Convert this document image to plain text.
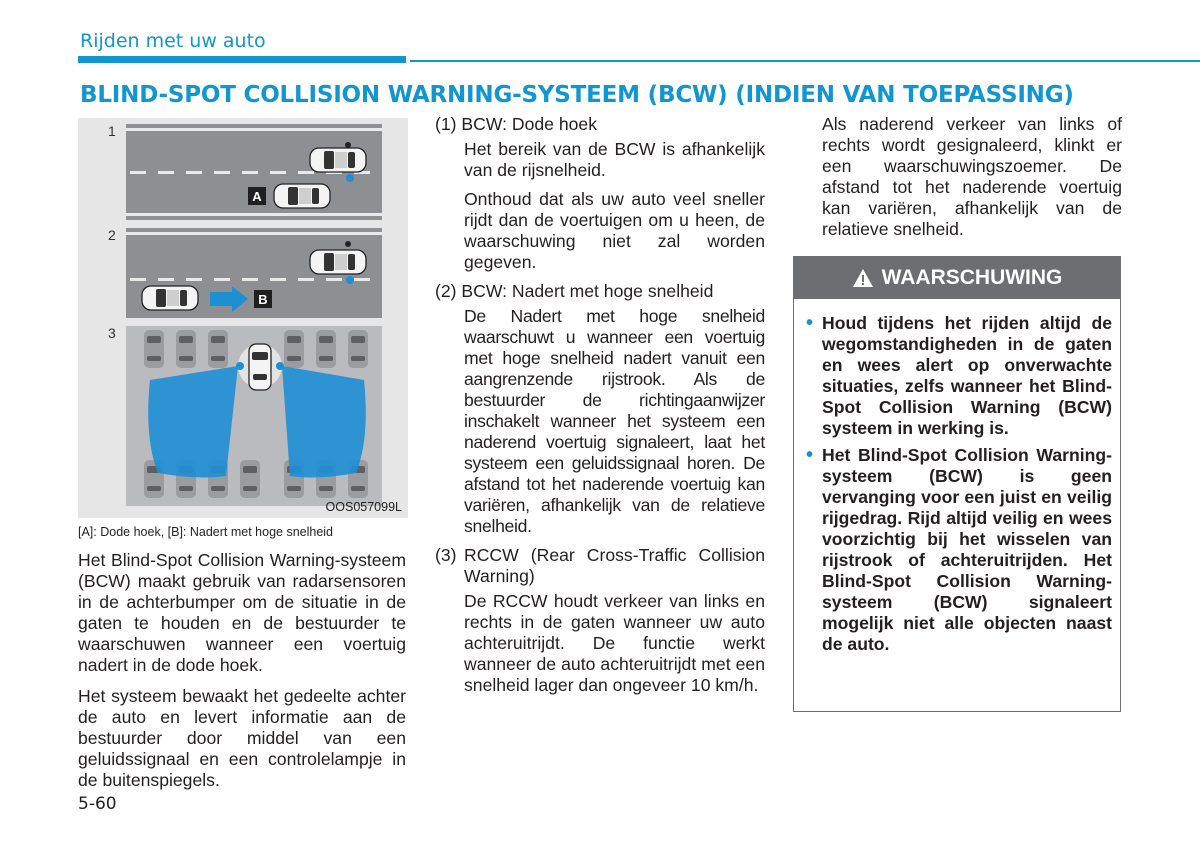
Rijden met uw auto
BLIND-SPOT COLLISION WARNING-SYSTEEM (BCW) (INDIEN VAN TOEPASSING)
1
A
2
B
3
OOS057099L
[A]: Dode hoek, [B]: Nadert met hoge snelheid

Het Blind-Spot Collision Warning-systeem (BCW) maakt gebruik van radarsensoren in de achterbumper om de situatie in de gaten te houden en de bestuurder te waarschuwen wanneer een voertuig nadert in de dode hoek.

Het systeem bewaakt het gedeelte achter de auto en levert informatie aan de bestuurder door middel van een geluidssignaal en een controlelampje in de buitenspiegels.

(1) BCW: Dode hoek

Het bereik van de BCW is afhankelijk van de rijsnelheid.

Onthoud dat als uw auto veel sneller rijdt dan de voertuigen om u heen, de waarschuwing niet zal worden gegeven.

(2) BCW: Nadert met hoge snelheid

De Nadert met hoge snelheid waarschuwt u wanneer een voertuig met hoge snelheid nadert vanuit een aangrenzende rijstrook. Als de bestuurder de richtingaanwijzer inschakelt wanneer het systeem een naderend voertuig signaleert, laat het systeem een geluidssignaal horen. De afstand tot het naderende voertuig kan variëren, afhankelijk van de relatieve snelheid.

(3) RCCW (Rear Cross-Traffic Collision Warning)

De RCCW houdt verkeer van links en rechts in de gaten wanneer uw auto achteruitrijdt. De functie werkt wanneer de auto achteruitrijdt met een snelheid lager dan ongeveer 10 km/h.

Als naderend verkeer van links of rechts wordt gesignaleerd, klinkt er een waarschuwingszoemer. De afstand tot het naderende voertuig kan variëren, afhankelijk van de relatieve snelheid.

WAARSCHUWING
• Houd tijdens het rijden altijd de wegomstandigheden in de gaten en wees alert op onverwachte situaties, zelfs wanneer het Blind-Spot Collision Warning (BCW) systeem in werking is.
• Het Blind-Spot Collision Warning-systeem (BCW) is geen vervanging voor een juist en veilig rijgedrag. Rijd altijd veilig en wees voorzichtig bij het wisselen van rijstrook of achteruitrijden. Het Blind-Spot Collision Warning-systeem (BCW) signaleert mogelijk niet alle objecten naast de auto.
5-60
